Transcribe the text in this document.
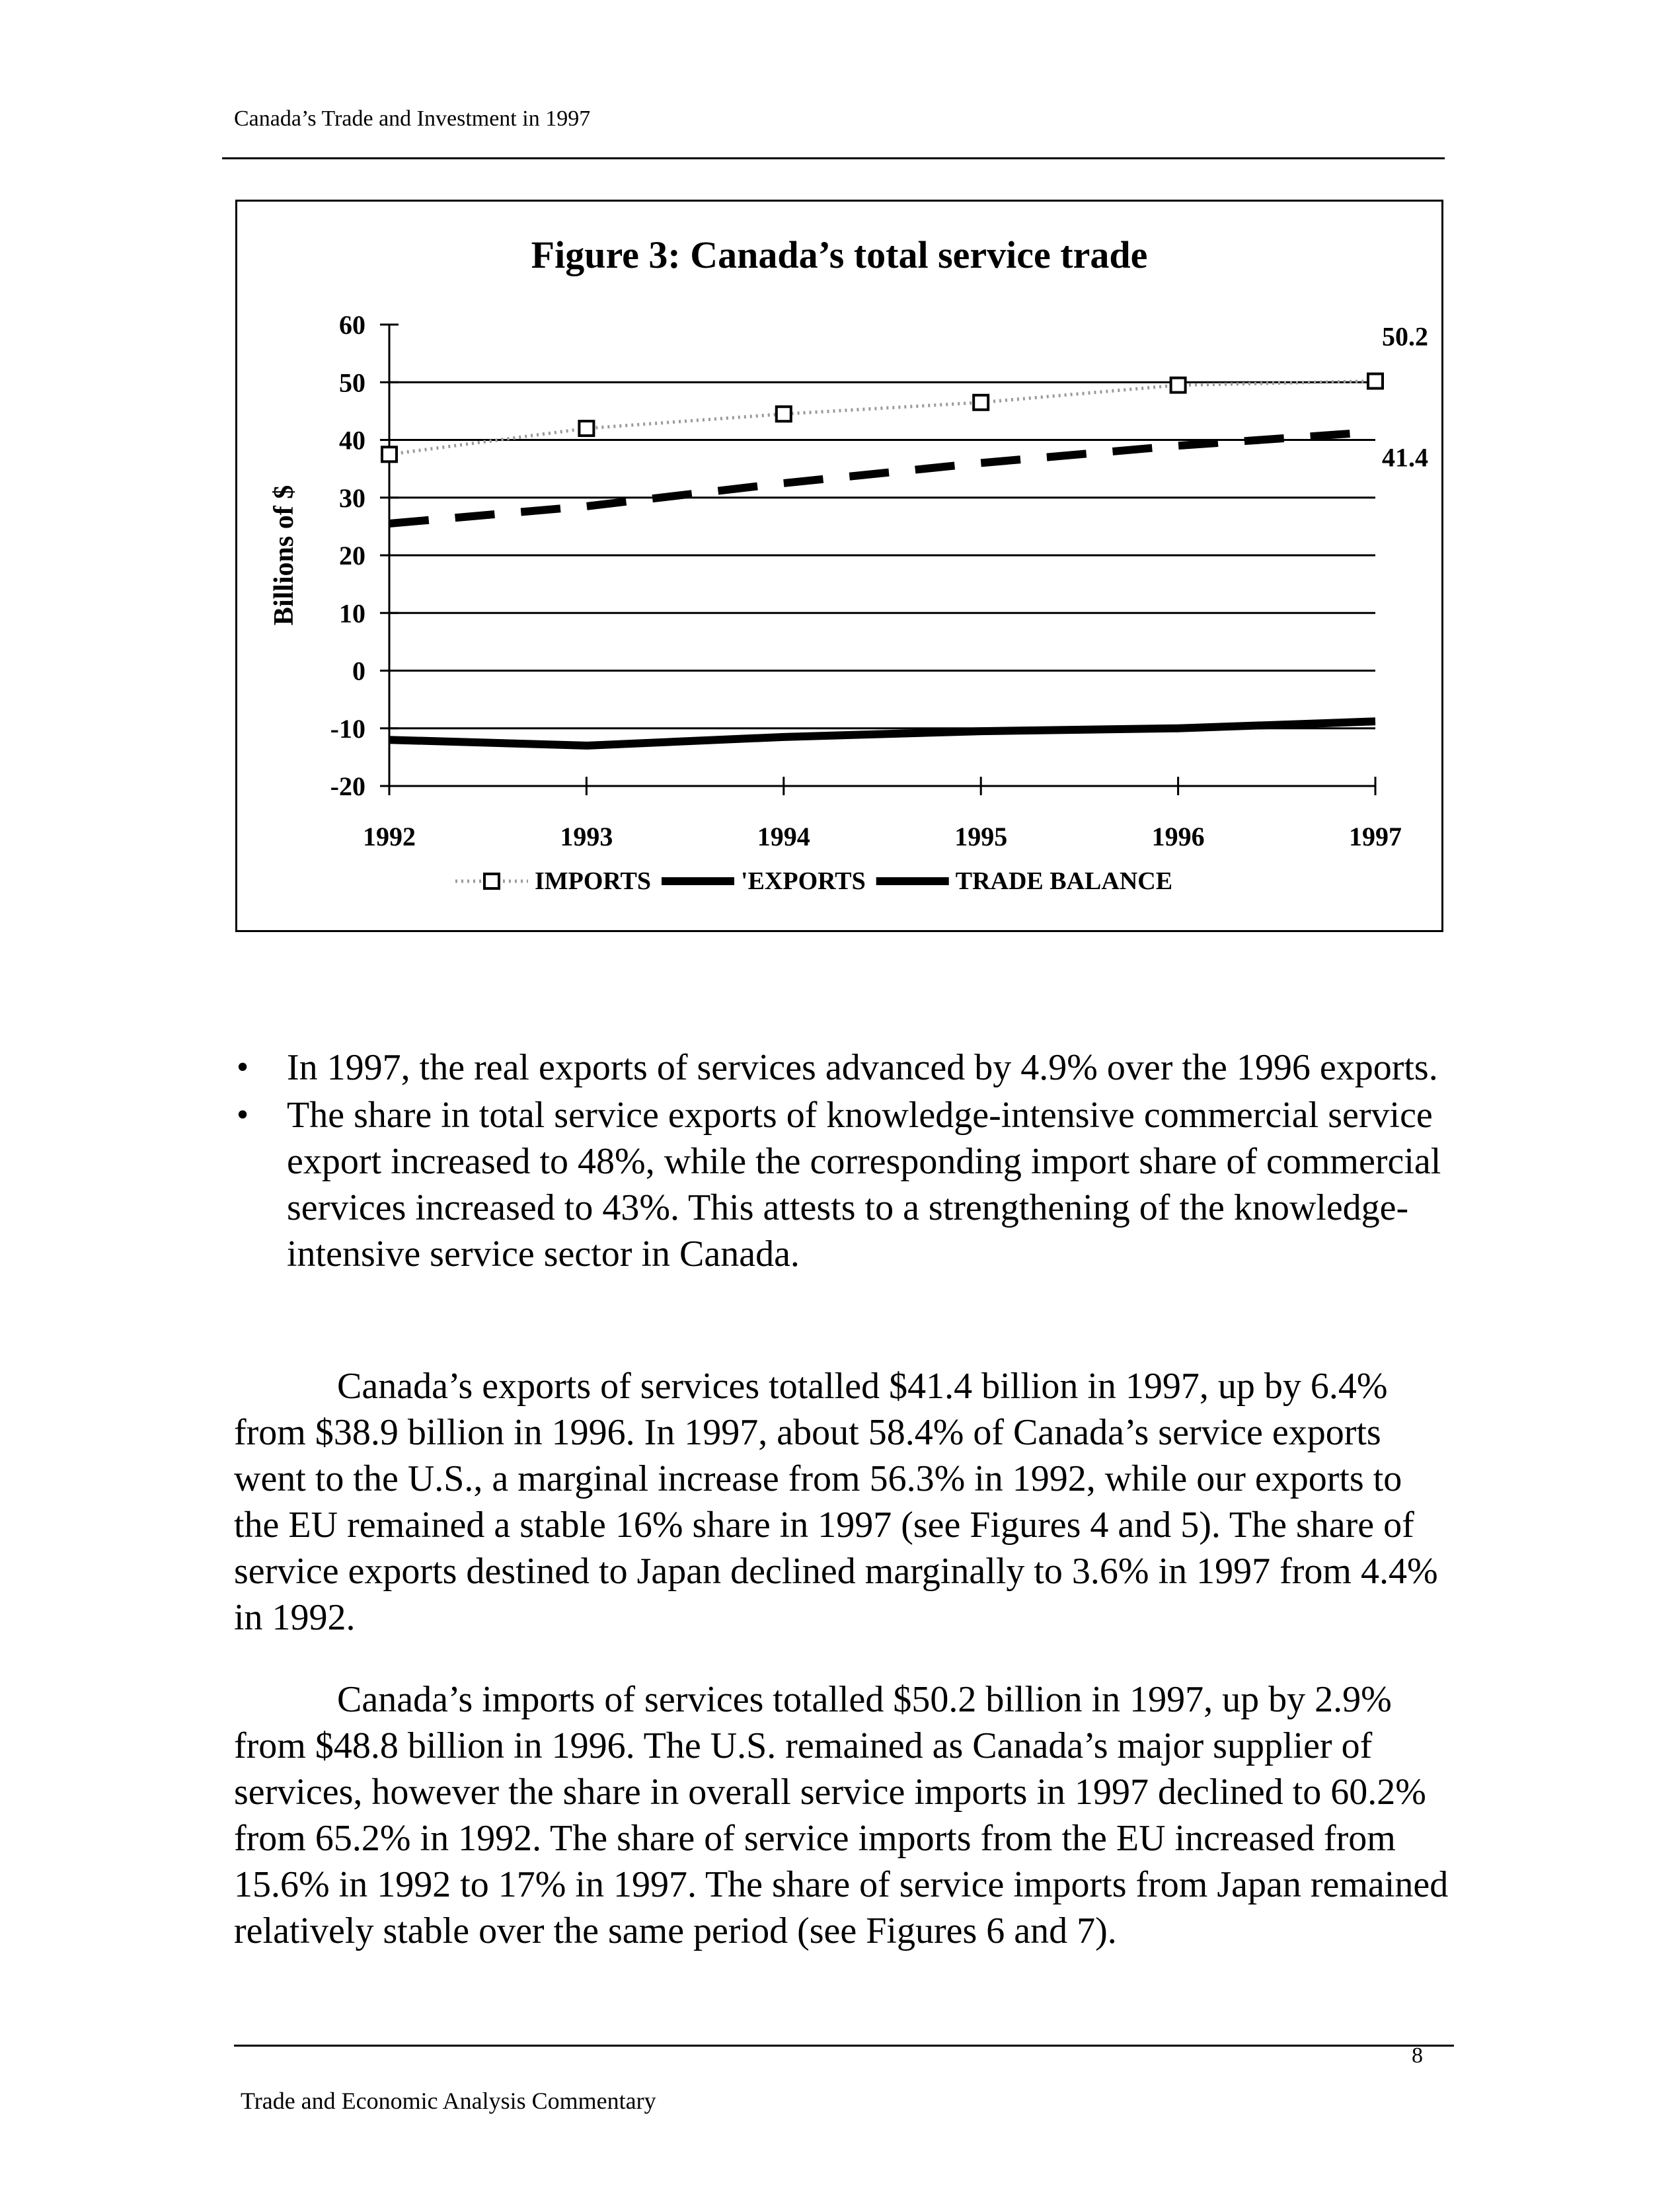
Canada’s Trade and Investment in 1997
Figure 3: Canada’s total service trade
Billions of $
60
50
40
30
20
10
0
-10
-20
1992	1993	1994	1995	1996	1997
50.2
41.4
IMPORTS	'EXPORTS	TRADE BALANCE
• In 1997, the real exports of services advanced by 4.9% over the 1996 exports.
• The share in total service exports of knowledge-intensive commercial service export increased to 48%, while the corresponding import share of commercial services increased to 43%. This attests to a strengthening of the knowledge-intensive service sector in Canada.

Canada’s exports of services totalled $41.4 billion in 1997, up by 6.4% from $38.9 billion in 1996. In 1997, about 58.4% of Canada’s service exports went to the U.S., a marginal increase from 56.3% in 1992, while our exports to the EU remained a stable 16% share in 1997 (see Figures 4 and 5). The share of service exports destined to Japan declined marginally to 3.6% in 1997 from 4.4% in 1992.

Canada’s imports of services totalled $50.2 billion in 1997, up by 2.9% from $48.8 billion in 1996. The U.S. remained as Canada’s major supplier of services, however the share in overall service imports in 1997 declined to 60.2% from 65.2% in 1992. The share of service imports from the EU increased from 15.6% in 1992 to 17% in 1997. The share of service imports from Japan remained relatively stable over the same period (see Figures 6 and 7).

8
Trade and Economic Analysis Commentary
